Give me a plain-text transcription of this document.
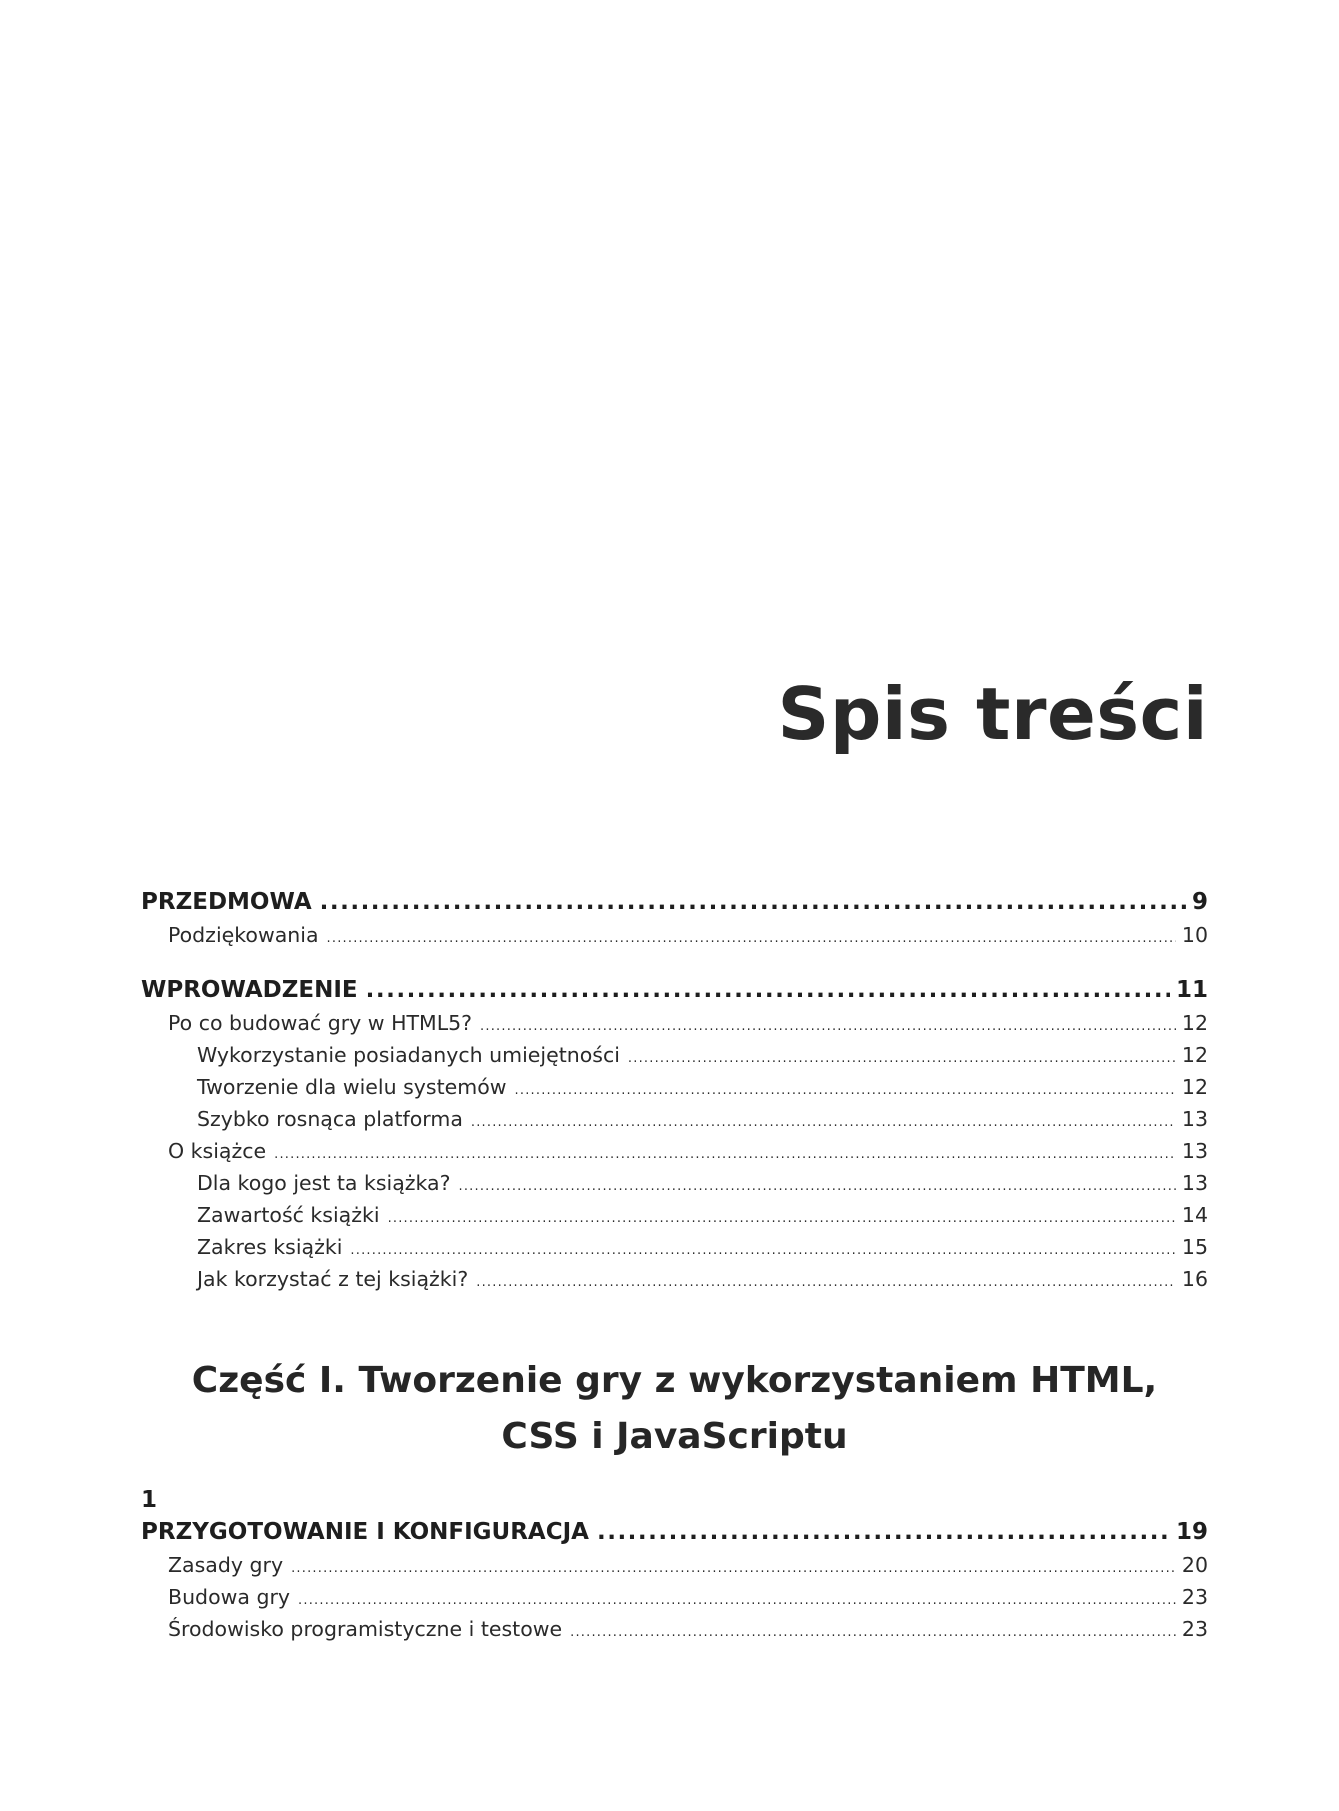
Spis treści
PRZEDMOWA .....	9
Podziękowania .....	10
WPROWADZENIE .....	11
Po co budować gry w HTML5? .....	12
Wykorzystanie posiadanych umiejętności .....	12
Tworzenie dla wielu systemów .....	12
Szybko rosnąca platforma .....	13
O książce .....	13
Dla kogo jest ta książka? .....	13
Zawartość książki .....	14
Zakres książki .....	15
Jak korzystać z tej książki? .....	16
Część I. Tworzenie gry z wykorzystaniem HTML,
CSS i JavaScriptu
1
PRZYGOTOWANIE I KONFIGURACJA .....	19
Zasady gry .....	20
Budowa gry .....	23
Środowisko programistyczne i testowe .....	23
